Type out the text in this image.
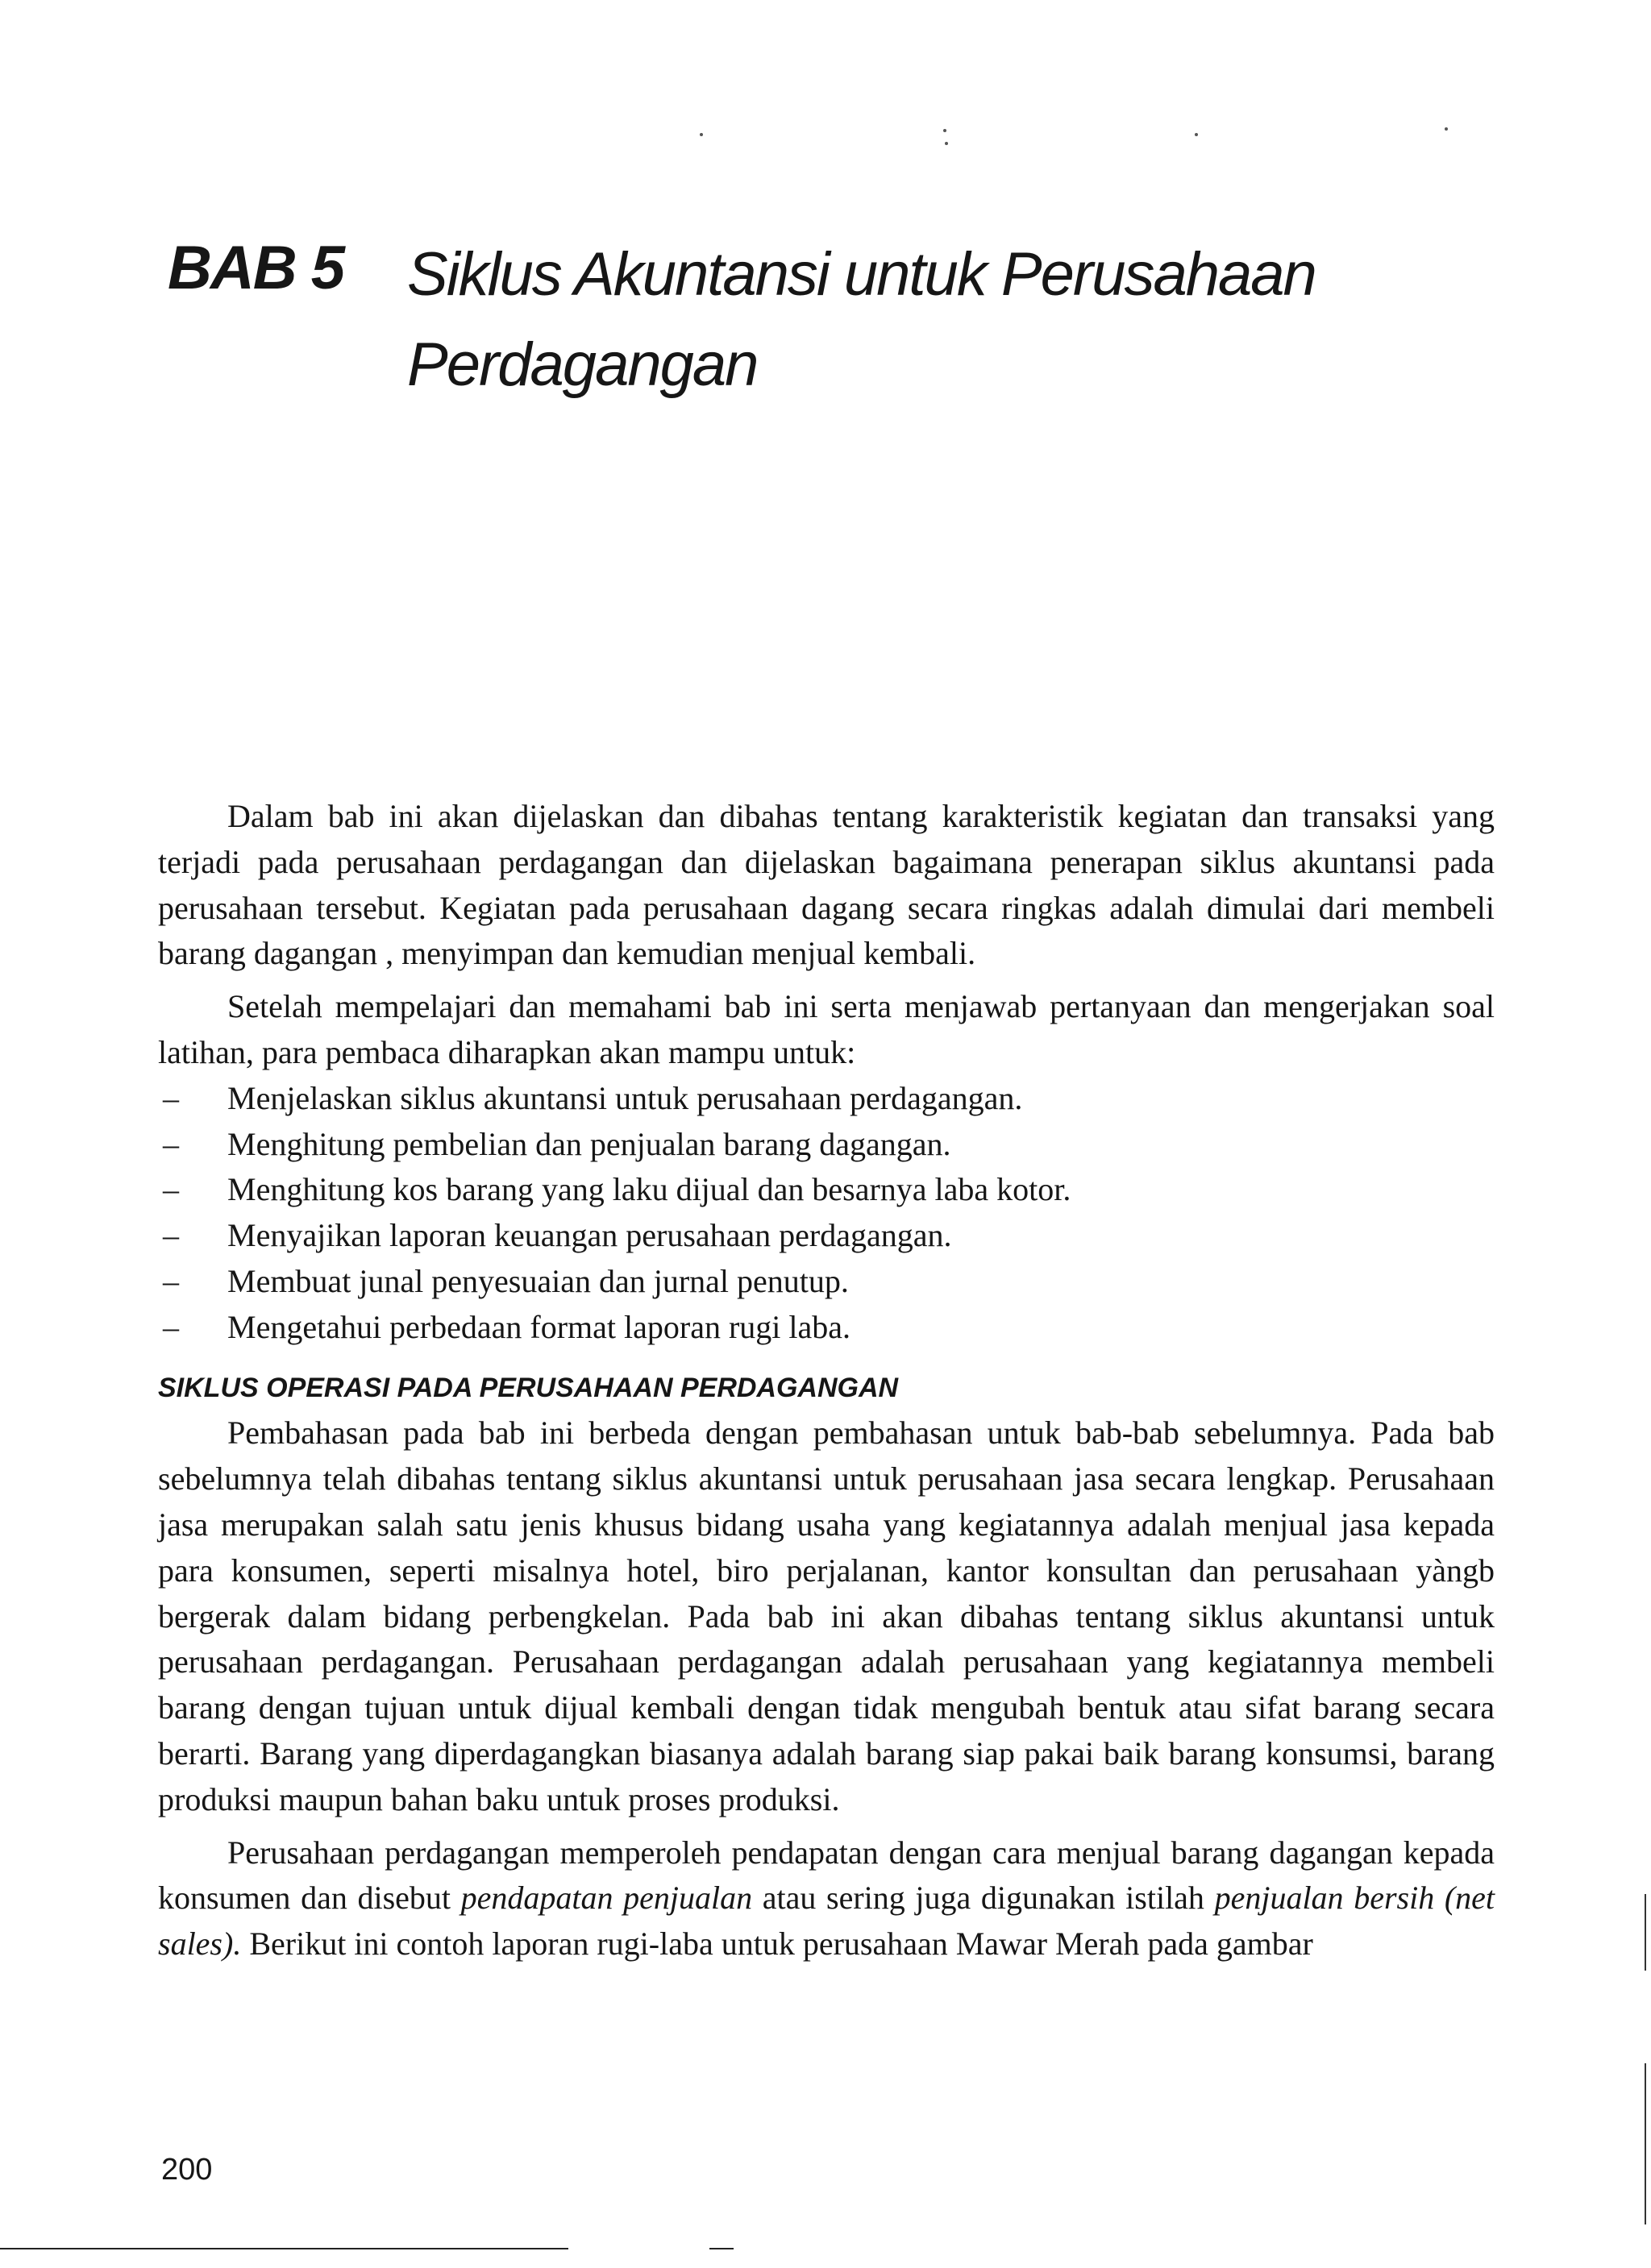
BAB 5 Siklus Akuntansi untuk Perusahaan
Perdagangan

Dalam bab ini akan dijelaskan dan dibahas tentang karakteristik kegiatan dan transaksi yang terjadi pada perusahaan perdagangan dan dijelaskan bagaimana penerapan siklus akuntansi pada perusahaan tersebut. Kegiatan pada perusahaan dagang secara ringkas adalah dimulai dari membeli barang dagangan , menyimpan dan kemudian menjual kembali.

Setelah mempelajari dan memahami bab ini serta menjawab pertanyaan dan mengerjakan soal latihan, para pembaca diharapkan akan mampu untuk:

– Menjelaskan siklus akuntansi untuk perusahaan perdagangan.
– Menghitung pembelian dan penjualan barang dagangan.
– Menghitung kos barang yang laku dijual dan besarnya laba kotor.
– Menyajikan laporan keuangan perusahaan perdagangan.
– Membuat junal penyesuaian dan jurnal penutup.
– Mengetahui perbedaan format laporan rugi laba.
SIKLUS OPERASI PADA PERUSAHAAN PERDAGANGAN

Pembahasan pada bab ini berbeda dengan pembahasan untuk bab-bab sebelumnya. Pada bab sebelumnya telah dibahas tentang siklus akuntansi untuk perusahaan jasa secara lengkap. Perusahaan jasa merupakan salah satu jenis khusus bidang usaha yang kegiatannya adalah menjual jasa kepada para konsumen, seperti misalnya hotel, biro perjalanan, kantor konsultan dan perusahaan yàngb bergerak dalam bidang perbengkelan. Pada bab ini akan dibahas tentang siklus akuntansi untuk perusahaan perdagangan. Perusahaan perdagangan adalah perusahaan yang kegiatannya membeli barang dengan tujuan untuk dijual kembali dengan tidak mengubah bentuk atau sifat barang secara berarti. Barang yang diperdagangkan biasanya adalah barang siap pakai baik barang konsumsi, barang produksi maupun bahan baku untuk proses produksi.

Perusahaan perdagangan memperoleh pendapatan dengan cara menjual barang dagangan kepada konsumen dan disebut pendapatan penjualan atau sering juga digunakan istilah penjualan bersih (net sales). Berikut ini contoh laporan rugi-laba untuk perusahaan Mawar Merah pada gambar

200
